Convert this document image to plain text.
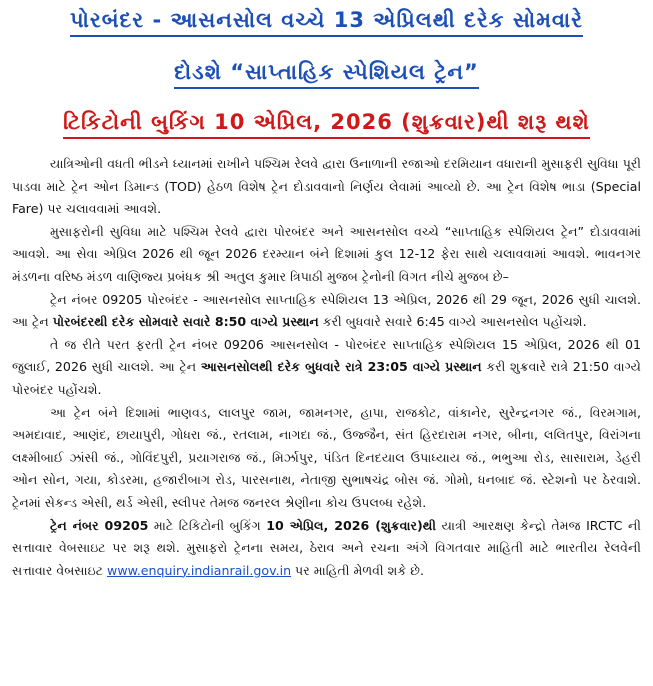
પોરબંદર - આસનસોલ વચ્ચે 13 એપ્રિલથી દરેક સોમવારે
દોડશે “સાપ્તાહિક સ્પેશિયલ ટ્રેન”
ટિકિટોની બુકિંગ 10 એપ્રિલ, 2026 (શુક્રવાર)થી શરૂ થશે

યાત્રિઓની વધતી ભીડને ધ્યાનમાં રાખીને પશ્ચિમ રેલવે દ્વારા ઉનાળાની રજાઓ દરમિયાન વધારાની મુસાફરી સુવિધા પૂરી પાડવા માટે ટ્રેન ઓન ડિમાન્ડ (TOD) હેઠળ વિશેષ ટ્રેન દોડાવવાનો નિર્ણય લેવામાં આવ્યો છે. આ ટ્રેન વિશેષ ભાડા (Special Fare) પર ચલાવવામાં આવશે.

મુસાફરોની સુવિધા માટે પશ્ચિમ રેલવે દ્વારા પોરબંદર અને આસનસોલ વચ્ચે “સાપ્તાહિક સ્પેશિયલ ટ્રેન” દોડાવવામાં આવશે. આ સેવા એપ્રિલ 2026 થી જૂન 2026 દરમ્યાન બંને દિશામાં કુલ 12-12 ફેરા સાથે ચલાવવામાં આવશે. ભાવનગર મંડળના વરિષ્ઠ મંડળ વાણિજ્ય પ્રબંધક શ્રી અતુલ કુમાર ત્રિપાઠી મુજબ ટ્રેનોની વિગત નીચે મુજબ છે–

ટ્રેન નંબર 09205 પોરબંદર - આસનસોલ સાપ્તાહિક સ્પેશિયલ 13 એપ્રિલ, 2026 થી 29 જૂન, 2026 સુધી ચાલશે. આ ટ્રેન પોરબંદરથી દરેક સોમવારે સવારે 8:50 વાગ્યે પ્રસ્થાન કરી બુધવારે સવારે 6:45 વાગ્યે આસનસોલ પહોંચશે.

તે જ રીતે પરત ફરતી ટ્રેન નંબર 09206 આસનસોલ - પોરબંદર સાપ્તાહિક સ્પેશિયલ 15 એપ્રિલ, 2026 થી 01 જુલાઈ, 2026 સુધી ચાલશે. આ ટ્રેન આસનસોલથી દરેક બુધવારે રાત્રે 23:05 વાગ્યે પ્રસ્થાન કરી શુક્રવારે રાત્રે 21:50 વાગ્યે પોરબંદર પહોંચશે.

આ ટ્રેન બંને દિશામાં ભાણવડ, લાલપુર જામ, જામનગર, હાપા, રાજકોટ, વાંકાનેર, સુરેન્દ્રનગર જં., વિરમગામ, અમદાવાદ, આણંદ, છાયાપુરી, ગોધરા જં., રતલામ, નાગદા જં., ઉજ્જૈન, સંત હિરદારામ નગર, બીના, લલિતપુર, વિરાંગના લક્ષ્મીબાઈ ઝાંસી જં., ગોવિંદપુરી, પ્રયાગરાજ જં., મિર્ઝાપુર, પંડિત દિનદયાલ ઉપાધ્યાય જં., ભભુઆ રોડ, સાસારામ, ડેહરી ઓન સોન, ગયા, કોડરમા, હજારીબાગ રોડ, પારસનાથ, નેતાજી સુભાષચંદ્ર બોસ જં. ગોમો, ધનબાદ જં. સ્ટેશનો પર ઠેરવાશે. ટ્રેનમાં સેકન્ડ એસી, થર્ડ એસી, સ્લીપર તેમજ જનરલ શ્રેણીના કોચ ઉપલબ્ધ રહેશે.

ટ્રેન નંબર 09205 માટે ટિકિટોની બુકિંગ 10 એપ્રિલ, 2026 (શુક્રવાર)થી યાત્રી આરક્ષણ કેન્દ્રો તેમજ IRCTC ની સત્તાવાર વેબસાઇટ પર શરૂ થશે. મુસાફરો ટ્રેનના સમય, ઠેરાવ અને રચના અંગે વિગતવાર માહિતી માટે ભારતીય રેલવેની સત્તાવાર વેબસાઇટ www.enquiry.indianrail.gov.in પર માહિતી મેળવી શકે છે.
